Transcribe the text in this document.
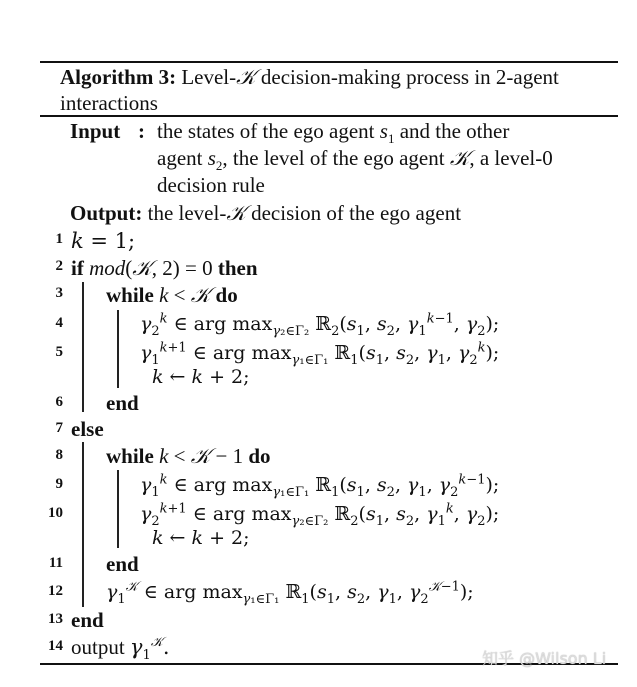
Algorithm 3: Level-𝒦 decision-making process in 2-agent
interactions
Input : the states of the ego agent $s_1$ and the other
agent $s_2$, the level of the ego agent 𝒦, a level-0
decision rule
Output: the level-𝒦 decision of the ego agent
1
2
3
4
5
6
7
8
9
10
11
12
13
14
k = 1;
if mod(𝒦, 2) = 0 then
while k < 𝒦 do
$\gamma_2^k$ ∈ arg $\max_{\gamma_2\in\Gamma_2}$ $ℝ_2(s_1$, $s_2$, $\gamma_1^{k-1}$, $\gamma_2$);
$\gamma_1^{k+1}$ ∈ arg $\max_{\gamma_1\in\Gamma_1}$ $ℝ_1(s_1$, $s_2$, $\gamma_1$, $\gamma_2^k$);
k ← k + 2;
end
else
while k < 𝒦 − 1 do
$\gamma_1^k$ ∈ arg $\max_{\gamma_1\in\Gamma_1}$ $ℝ_1(s_1$, $s_2$, $\gamma_1$, $\gamma_2^{k-1}$);
$\gamma_2^{k+1}$ ∈ arg $\max_{\gamma_2\in\Gamma_2}$ $ℝ_2(s_1$, $s_2$, $\gamma_1^k$, $\gamma_2$);
k ← k + 2;
end
$\gamma_1^𝒦$ ∈ arg $\max_{\gamma_1\in\Gamma_1}$ $ℝ_1(s_1$, $s_2$, $\gamma_1$, $\gamma_2^{𝒦-1}$);
end
output $\gamma_1^𝒦$.	知乎 @Wilson Li
